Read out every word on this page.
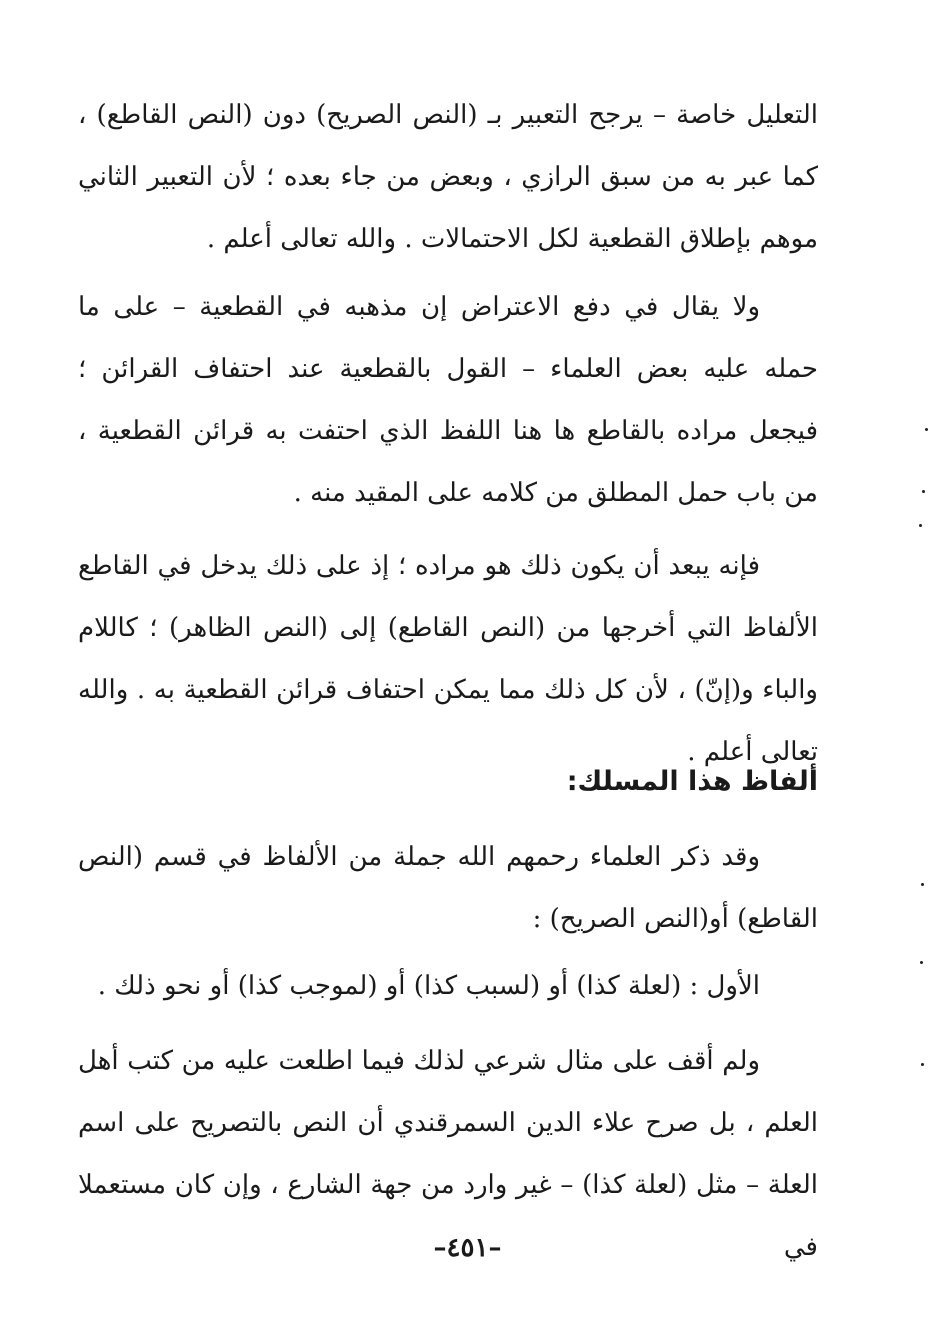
التعليل خاصة – يرجح التعبير بـ (النص الصريح) دون (النص القاطع) ، كما عبر به من سبق الرازي ، وبعض من جاء بعده ؛ لأن التعبير الثاني موهم بإطلاق القطعية لكل الاحتمالات . والله تعالى أعلم .

ولا يقال في دفع الاعتراض إن مذهبه في القطعية – على ما حمله عليه بعض العلماء – القول بالقطعية عند احتفاف القرائن ؛ فيجعل مراده بالقاطع ها هنا اللفظ الذي احتفت به قرائن القطعية ، من باب حمل المطلق من كلامه على المقيد منه .

فإنه يبعد أن يكون ذلك هو مراده ؛ إذ على ذلك يدخل في القاطع الألفاظ التي أخرجها من (النص القاطع) إلى (النص الظاهر) ؛ كاللام والباء و(إنّ) ، لأن كل ذلك مما يمكن احتفاف قرائن القطعية به . والله تعالى أعلم .

ألفاظ هذا المسلك:

وقد ذكر العلماء رحمهم الله جملة من الألفاظ في قسم (النص القاطع) أو(النص الصريح) :

الأول : (لعلة كذا) أو (لسبب كذا) أو (لموجب كذا) أو نحو ذلك .

ولم أقف على مثال شرعي لذلك فيما اطلعت عليه من كتب أهل العلم ، بل صرح علاء الدين السمرقندي أن النص بالتصريح على اسم العلة – مثل (لعلة كذا) – غير وارد من جهة الشارع ، وإن كان مستعملا في

–٤٥١–
